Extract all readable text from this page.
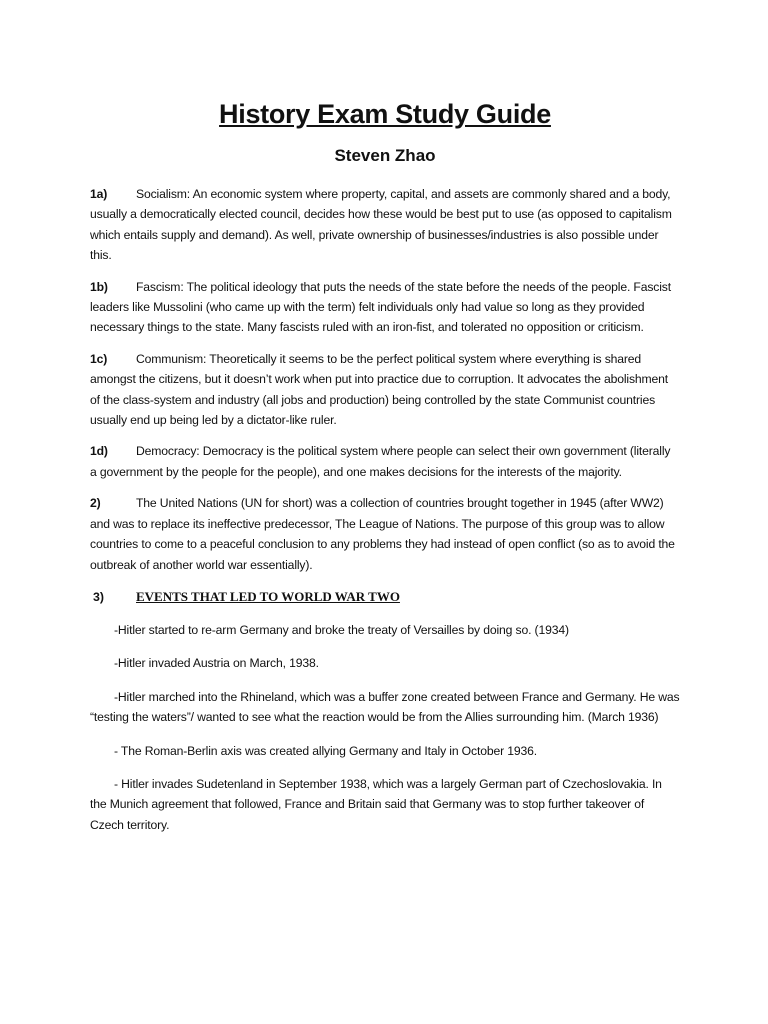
History Exam Study Guide
Steven Zhao

1a) Socialism: An economic system where property, capital, and assets are commonly shared and a body, usually a democratically elected council, decides how these would be best put to use (as opposed to capitalism which entails supply and demand). As well, private ownership of businesses/industries is also possible under this.

1b) Fascism: The political ideology that puts the needs of the state before the needs of the people. Fascist leaders like Mussolini (who came up with the term) felt individuals only had value so long as they provided necessary things to the state. Many fascists ruled with an iron-fist, and tolerated no opposition or criticism.

1c) Communism: Theoretically it seems to be the perfect political system where everything is shared amongst the citizens, but it doesn’t work when put into practice due to corruption. It advocates the abolishment of the class-system and industry (all jobs and production) being controlled by the state Communist countries usually end up being led by a dictator-like ruler.

1d) Democracy: Democracy is the political system where people can select their own government (literally a government by the people for the people), and one makes decisions for the interests of the majority.

2)	The United Nations (UN for short) was a collection of countries brought together in 1945 (after WW2) and was to replace its ineffective predecessor, The League of Nations. The purpose of this group was to allow countries to come to a peaceful conclusion to any problems they had instead of open conflict (so as to avoid the outbreak of another world war essentially).

3) EVENTS THAT LED TO WORLD WAR TWO

-Hitler started to re-arm Germany and broke the treaty of Versailles by doing so. (1934)

-Hitler invaded Austria on March, 1938.

-Hitler marched into the Rhineland, which was a buffer zone created between France and Germany. He was “testing the waters”/ wanted to see what the reaction would be from the Allies surrounding him. (March 1936)

- The Roman-Berlin axis was created allying Germany and Italy in October 1936.

- Hitler invades Sudetenland in September 1938, which was a largely German part of Czechoslovakia. In the Munich agreement that followed, France and Britain said that Germany was to stop further takeover of Czech territory.
